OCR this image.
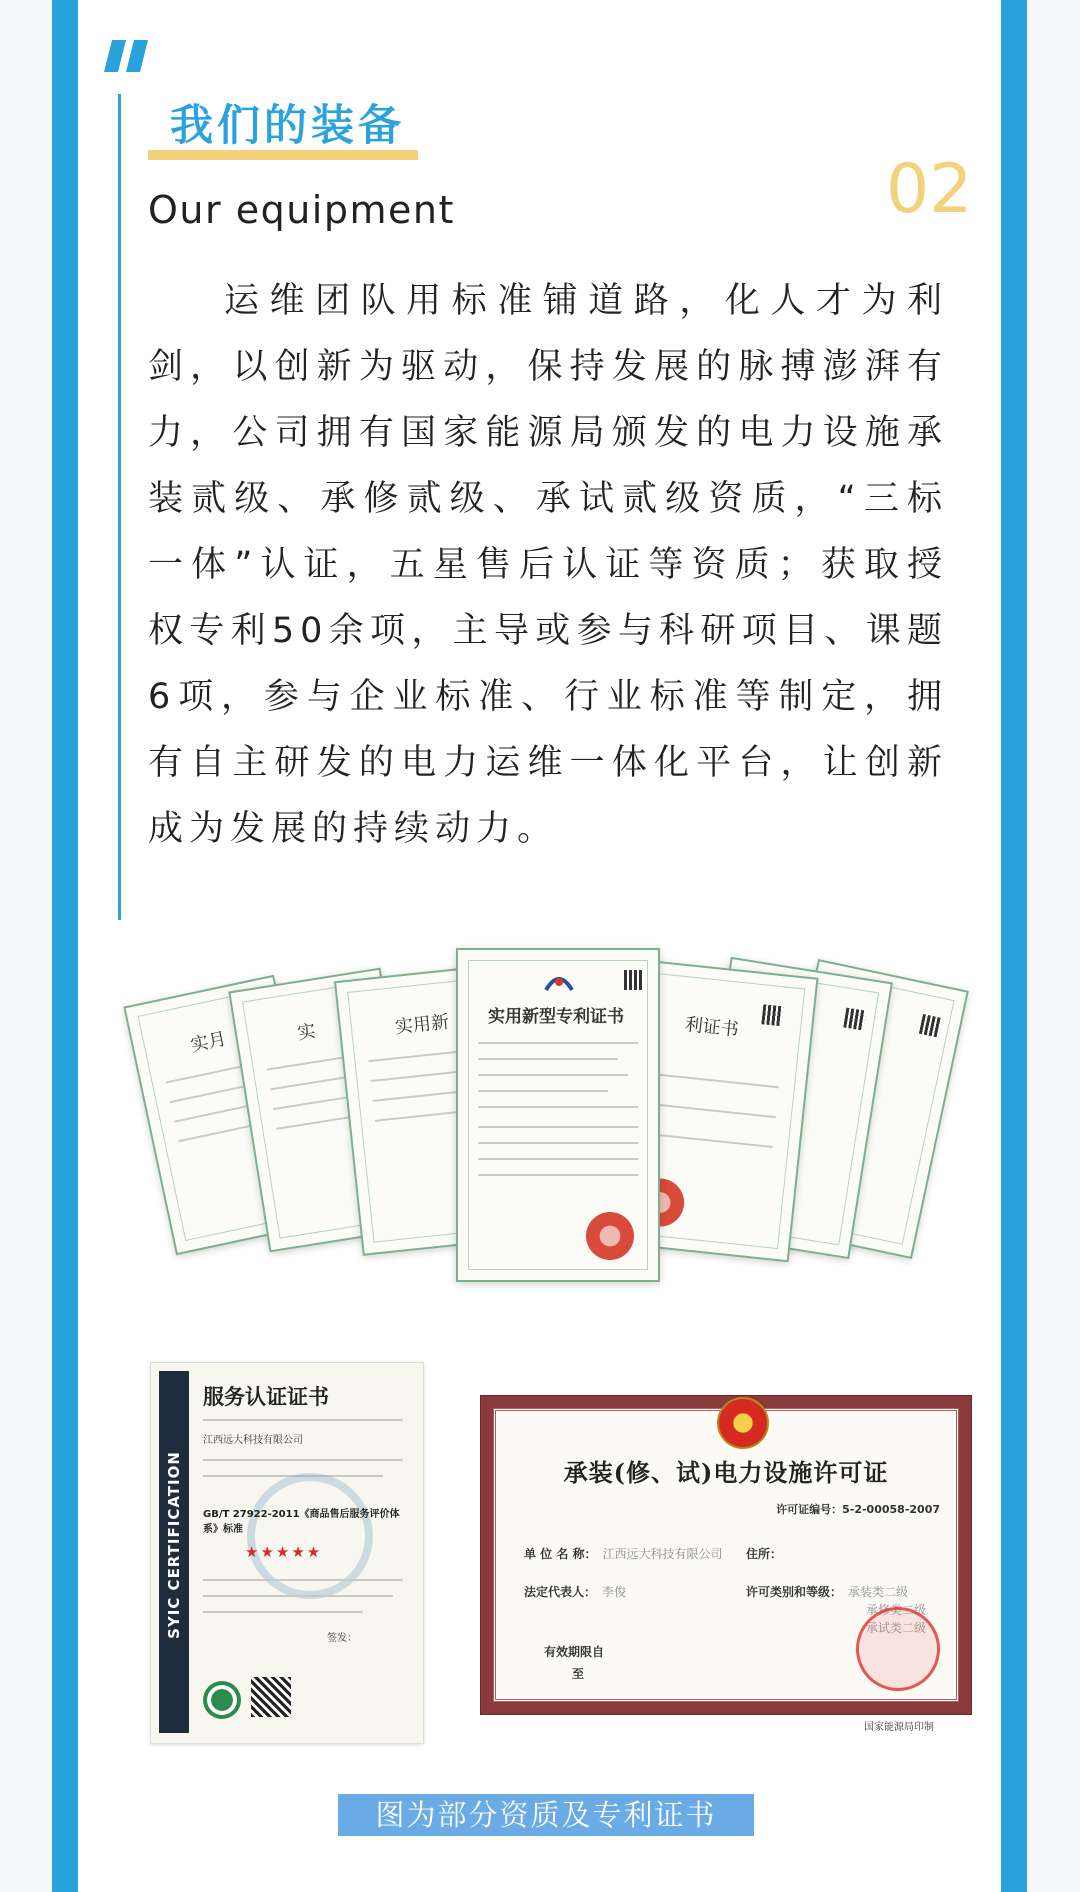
我们的装备
Our equipment	02
运维团队用标准铺道路，化人才为利剑，以创新为驱动，保持发展的脉搏澎湃有力，公司拥有国家能源局颁发的电力设施承装贰级、承修贰级、承试贰级资质，“三标一体”认证，五星售后认证等资质；获取授权专利50余项，主导或参与科研项目、课题6项，参与企业标准、行业标准等制定，拥有自主研发的电力运维一体化平台，让创新成为发展的持续动力。
实月	实	实用新	利证书
实用新型专利证书
SYIC CERTIFICATION
服务认证证书
江西远大科技有限公司
GB/T 27922-2011《商品售后服务评价体系》标准
★★★★★
签发：
承装(修、试)电力设施许可证
许可证编号：5-2-00058-2007
单 位 名 称： 江西远大科技有限公司 住所：
法定代表人： 李俊	许可类别和等级： 承装类二级
承修类二级
承试类二级
有效期限自
至
国家能源局印制
图为部分资质及专利证书
